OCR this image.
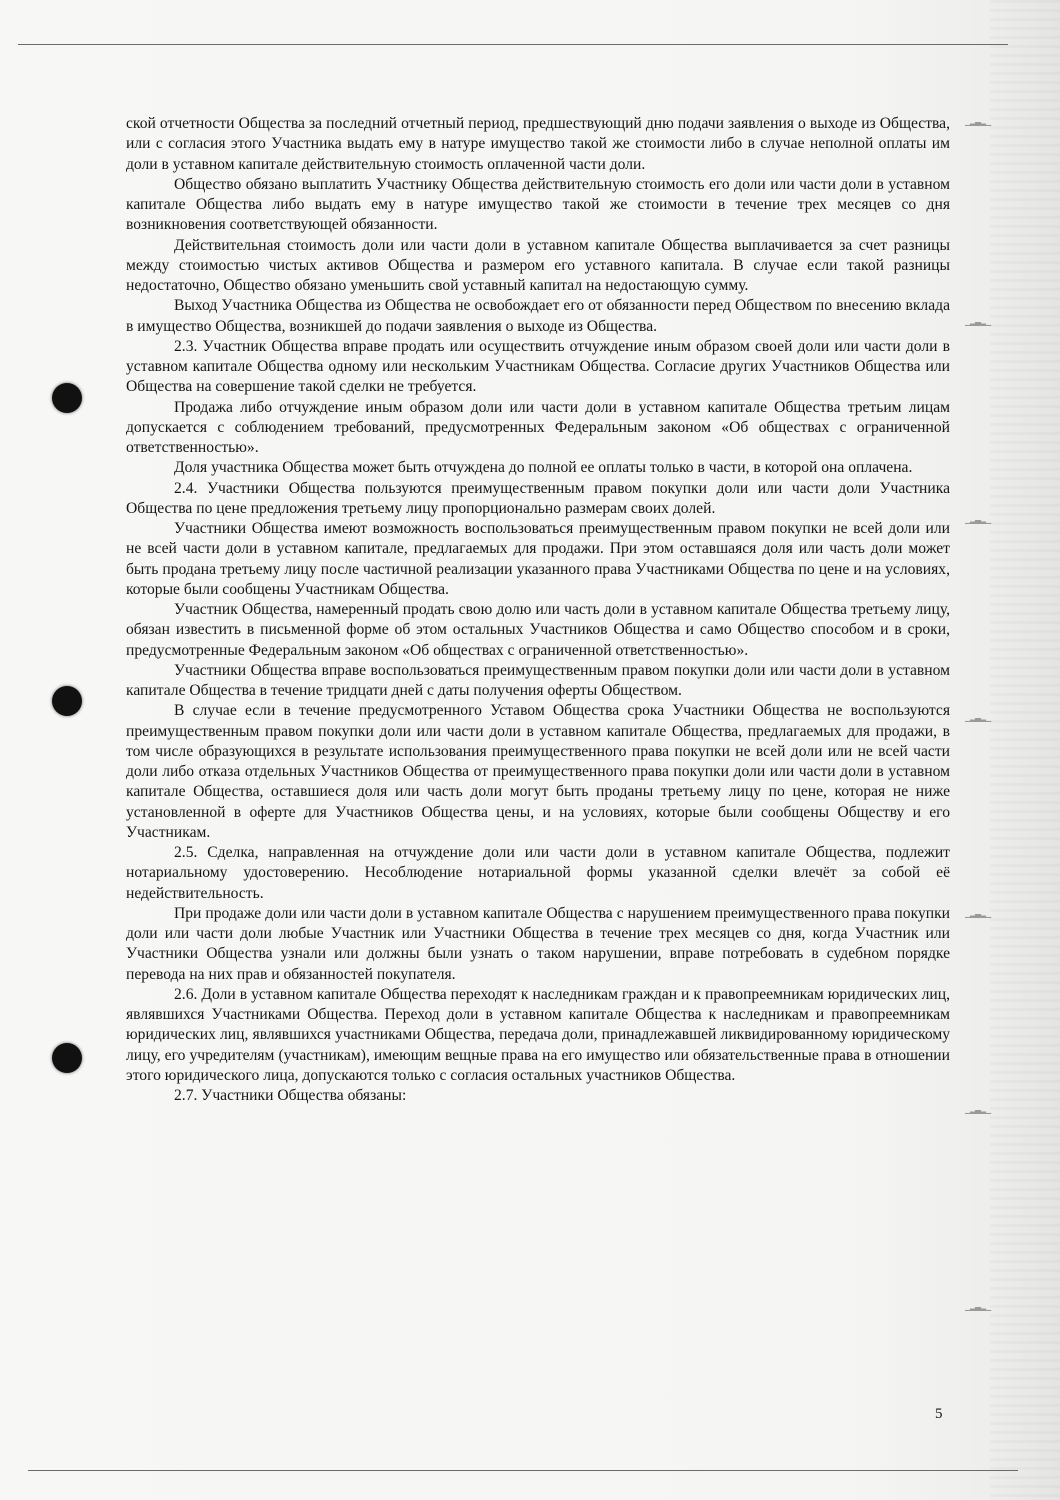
▁▂▃▂▁
▁▂▃▂▁
▁▂▃▂▁
▁▂▃▂▁
▁▂▃▂▁
▁▂▃▂▁
▁▂▃▂▁

ской отчетности Общества за последний отчетный период, предшествующий дню подачи заявления о выходе из Общества, или с согласия этого Участника выдать ему в натуре имущество такой же стоимости либо в случае неполной оплаты им доли в уставном капитале действительную стоимость оплаченной части доли.

Общество обязано выплатить Участнику Общества действительную стоимость его доли или части доли в уставном капитале Общества либо выдать ему в натуре имущество такой же стоимости в течение трех месяцев со дня возникновения соответствующей обязанности.

Действительная стоимость доли или части доли в уставном капитале Общества выплачивается за счет разницы между стоимостью чистых активов Общества и размером его уставного капитала. В случае если такой разницы недостаточно, Общество обязано уменьшить свой уставный капитал на недостающую сумму.

Выход Участника Общества из Общества не освобождает его от обязанности перед Обществом по внесению вклада в имущество Общества, возникшей до подачи заявления о выходе из Общества.

2.3. Участник Общества вправе продать или осуществить отчуждение иным образом своей доли или части доли в уставном капитале Общества одному или нескольким Участникам Общества. Согласие других Участников Общества или Общества на совершение такой сделки не требуется.

Продажа либо отчуждение иным образом доли или части доли в уставном капитале Общества третьим лицам допускается с соблюдением требований, предусмотренных Федеральным законом «Об обществах с ограниченной ответственностью».

Доля участника Общества может быть отчуждена до полной ее оплаты только в части, в которой она оплачена.

2.4. Участники Общества пользуются преимущественным правом покупки доли или части доли Участника Общества по цене предложения третьему лицу пропорционально размерам своих долей.

Участники Общества имеют возможность воспользоваться преимущественным правом покупки не всей доли или не всей части доли в уставном капитале, предлагаемых для продажи. При этом оставшаяся доля или часть доли может быть продана третьему лицу после частичной реализации указанного права Участниками Общества по цене и на условиях, которые были сообщены Участникам Общества.

Участник Общества, намеренный продать свою долю или часть доли в уставном капитале Общества третьему лицу, обязан известить в письменной форме об этом остальных Участников Общества и само Общество способом и в сроки, предусмотренные Федеральным законом «Об обществах с ограниченной ответственностью».

Участники Общества вправе воспользоваться преимущественным правом покупки доли или части доли в уставном капитале Общества в течение тридцати дней с даты получения оферты Обществом.

В случае если в течение предусмотренного Уставом Общества срока Участники Общества не воспользуются преимущественным правом покупки доли или части доли в уставном капитале Общества, предлагаемых для продажи, в том числе образующихся в результате использования преимущественного права покупки не всей доли или не всей части доли либо отказа отдельных Участников Общества от преимущественного права покупки доли или части доли в уставном капитале Общества, оставшиеся доля или часть доли могут быть проданы третьему лицу по цене, которая не ниже установленной в оферте для Участников Общества цены, и на условиях, которые были сообщены Обществу и его Участникам.

2.5. Сделка, направленная на отчуждение доли или части доли в уставном капитале Общества, подлежит нотариальному удостоверению. Несоблюдение нотариальной формы указанной сделки влечёт за собой её недействительность.

При продаже доли или части доли в уставном капитале Общества с нарушением преимущественного права покупки доли или части доли любые Участник или Участники Общества в течение трех месяцев со дня, когда Участник или Участники Общества узнали или должны были узнать о таком нарушении, вправе потребовать в судебном порядке перевода на них прав и обязанностей покупателя.

2.6. Доли в уставном капитале Общества переходят к наследникам граждан и к правопреемникам юридических лиц, являвшихся Участниками Общества. Переход доли в уставном капитале Общества к наследникам и правопреемникам юридических лиц, являвшихся участниками Общества, передача доли, принадлежавшей ликвидированному юридическому лицу, его учредителям (участникам), имеющим вещные права на его имущество или обязательственные права в отношении этого юридического лица, допускаются только с согласия остальных участников Общества.

2.7. Участники Общества обязаны:

5
